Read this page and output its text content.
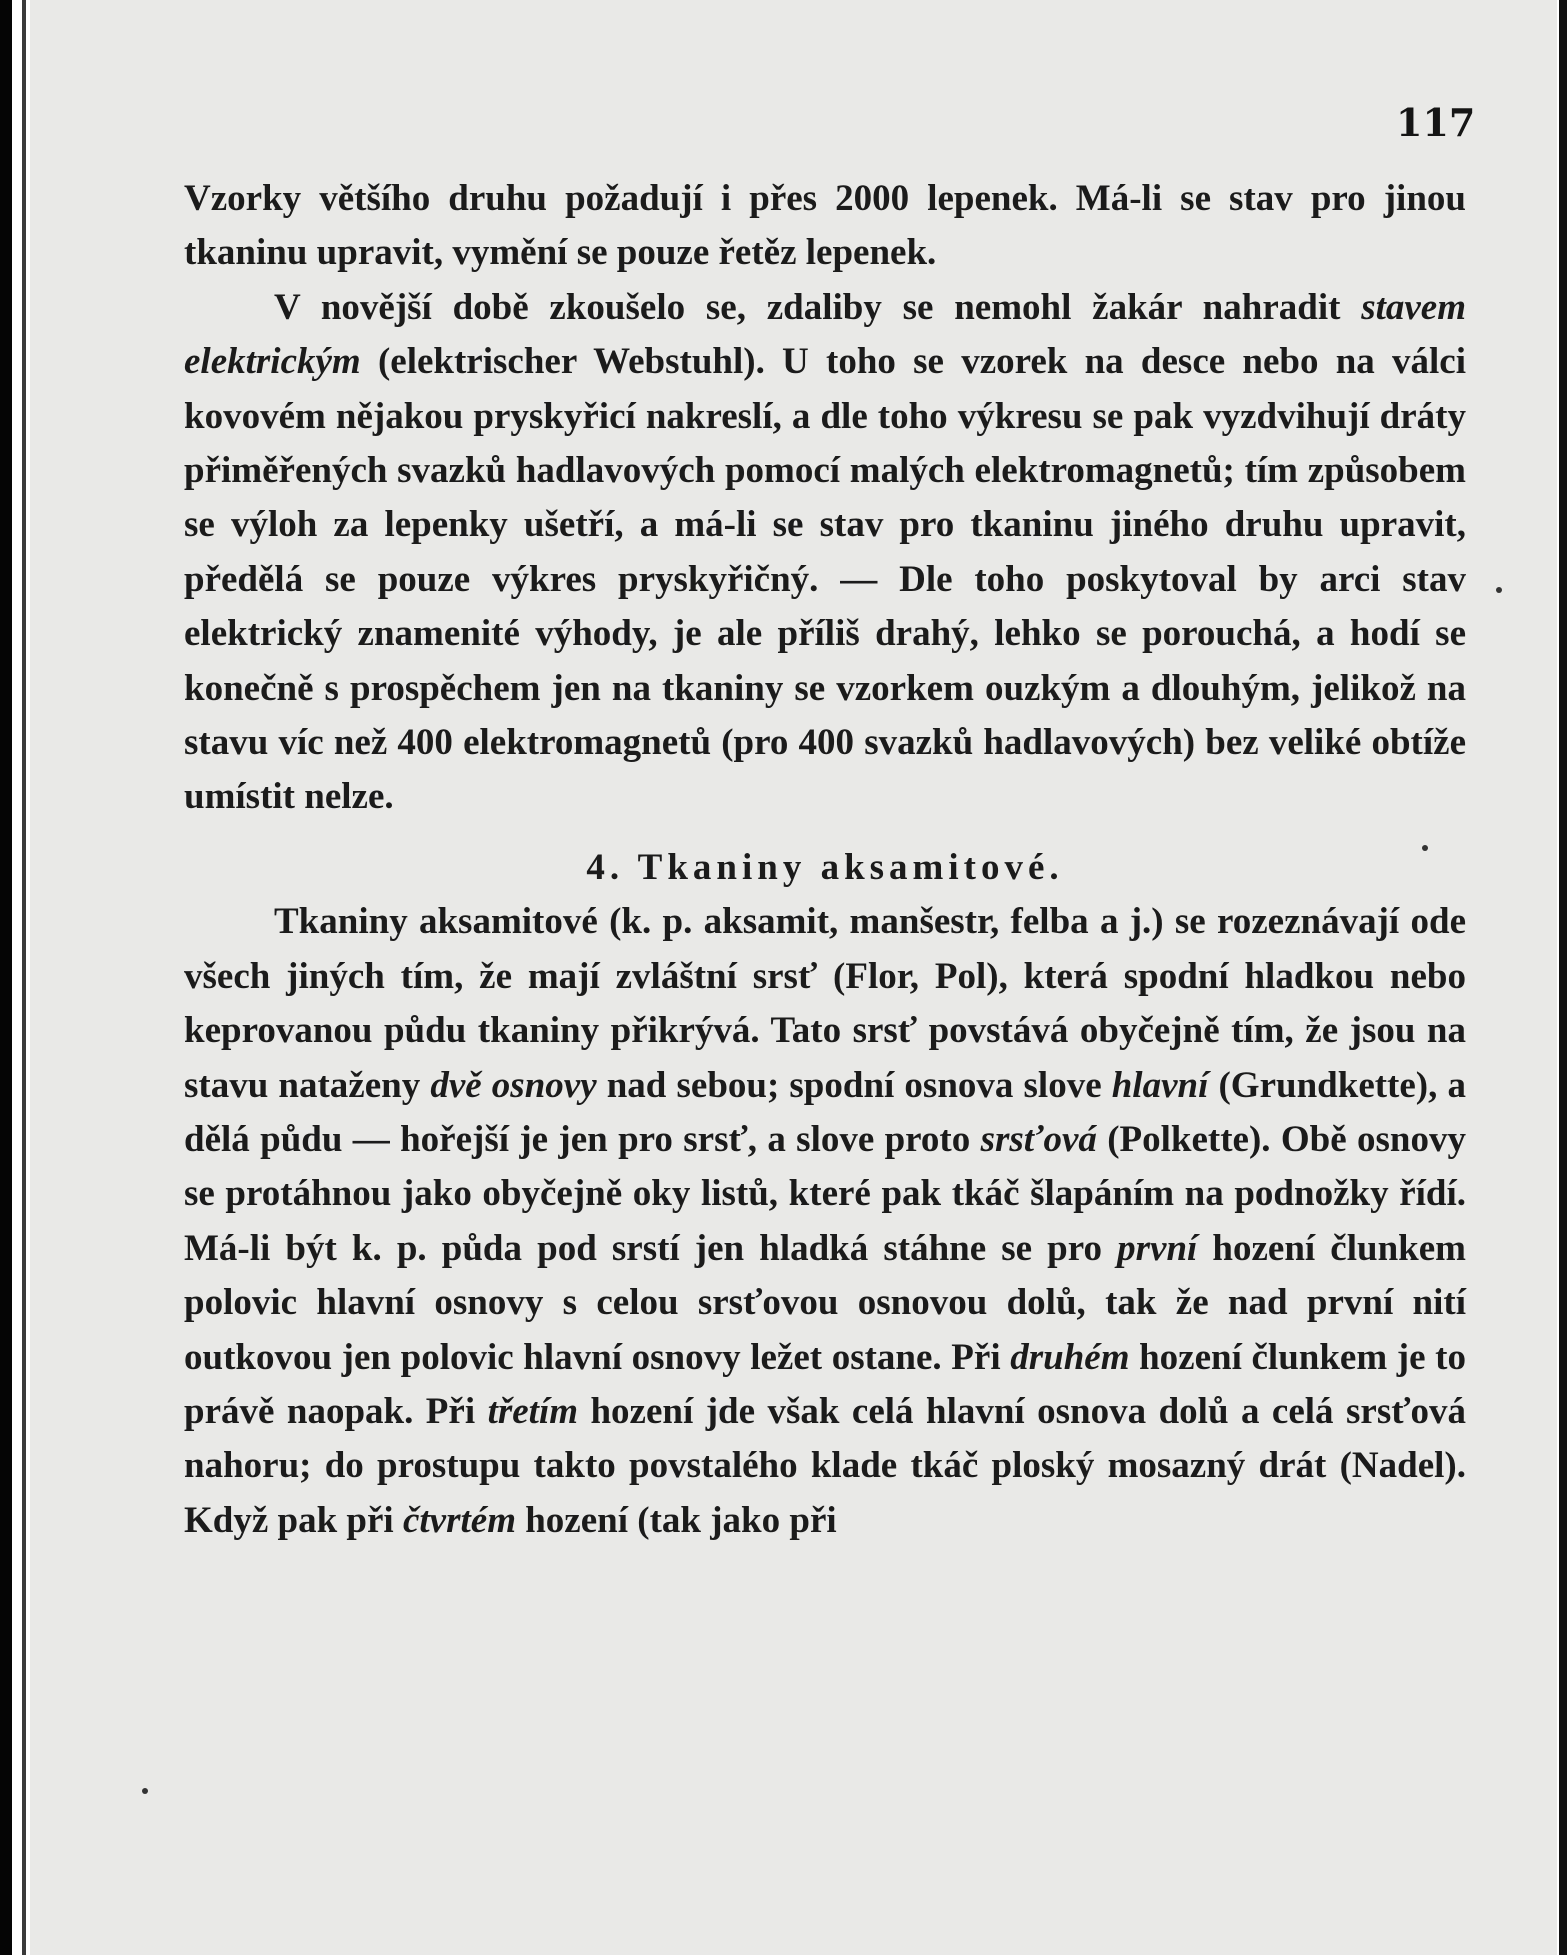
117

Vzorky většího druhu požadují i přes 2000 lepenek. Má-li se stav pro jinou tkaninu upravit, vymění se pouze řetěz lepenek.

V novější době zkoušelo se, zdaliby se nemohl žakár nahradit stavem elektrickým (elektrischer Webstuhl). U toho se vzorek na desce nebo na válci kovovém nějakou pryskyřicí nakreslí, a dle toho výkresu se pak vyzdvihují dráty přiměřených svazků hadlavových pomocí malých elektromagnetů; tím způsobem se výloh za lepenky ušetří, a má-li se stav pro tkaninu jiného druhu upravit, předělá se pouze výkres pryskyřičný. — Dle toho poskytoval by arci stav elektrický znamenité výhody, je ale příliš drahý, lehko se porouchá, a hodí se konečně s prospěchem jen na tkaniny se vzorkem ouzkým a dlouhým, jelikož na stavu víc než 400 elektromagnetů (pro 400 svazků hadlavových) bez veliké obtíže umístit nelze.

4. Tkaniny aksamitové.

Tkaniny aksamitové (k. p. aksamit, manšestr, felba a j.) se rozeznávají ode všech jiných tím, že mají zvláštní srsť (Flor, Pol), která spodní hladkou nebo keprovanou půdu tkaniny přikrývá. Tato srsť povstává obyčejně tím, že jsou na stavu nataženy dvě osnovy nad sebou; spodní osnova slove hlavní (Grundkette), a dělá půdu — hořejší je jen pro srsť, a slove proto srsťová (Polkette). Obě osnovy se protáhnou jako obyčejně oky listů, které pak tkáč šlapáním na podnožky řídí. Má-li být k. p. půda pod srstí jen hladká stáhne se pro první hození člunkem polovic hlavní osnovy s celou srsťovou osnovou dolů, tak že nad první nití outkovou jen polovic hlavní osnovy ležet ostane. Při druhém hození člunkem je to právě naopak. Při třetím hození jde však celá hlavní osnova dolů a celá srsťová nahoru; do prostupu takto povstalého klade tkáč ploský mosazný drát (Nadel). Když pak při čtvrtém hození (tak jako při
